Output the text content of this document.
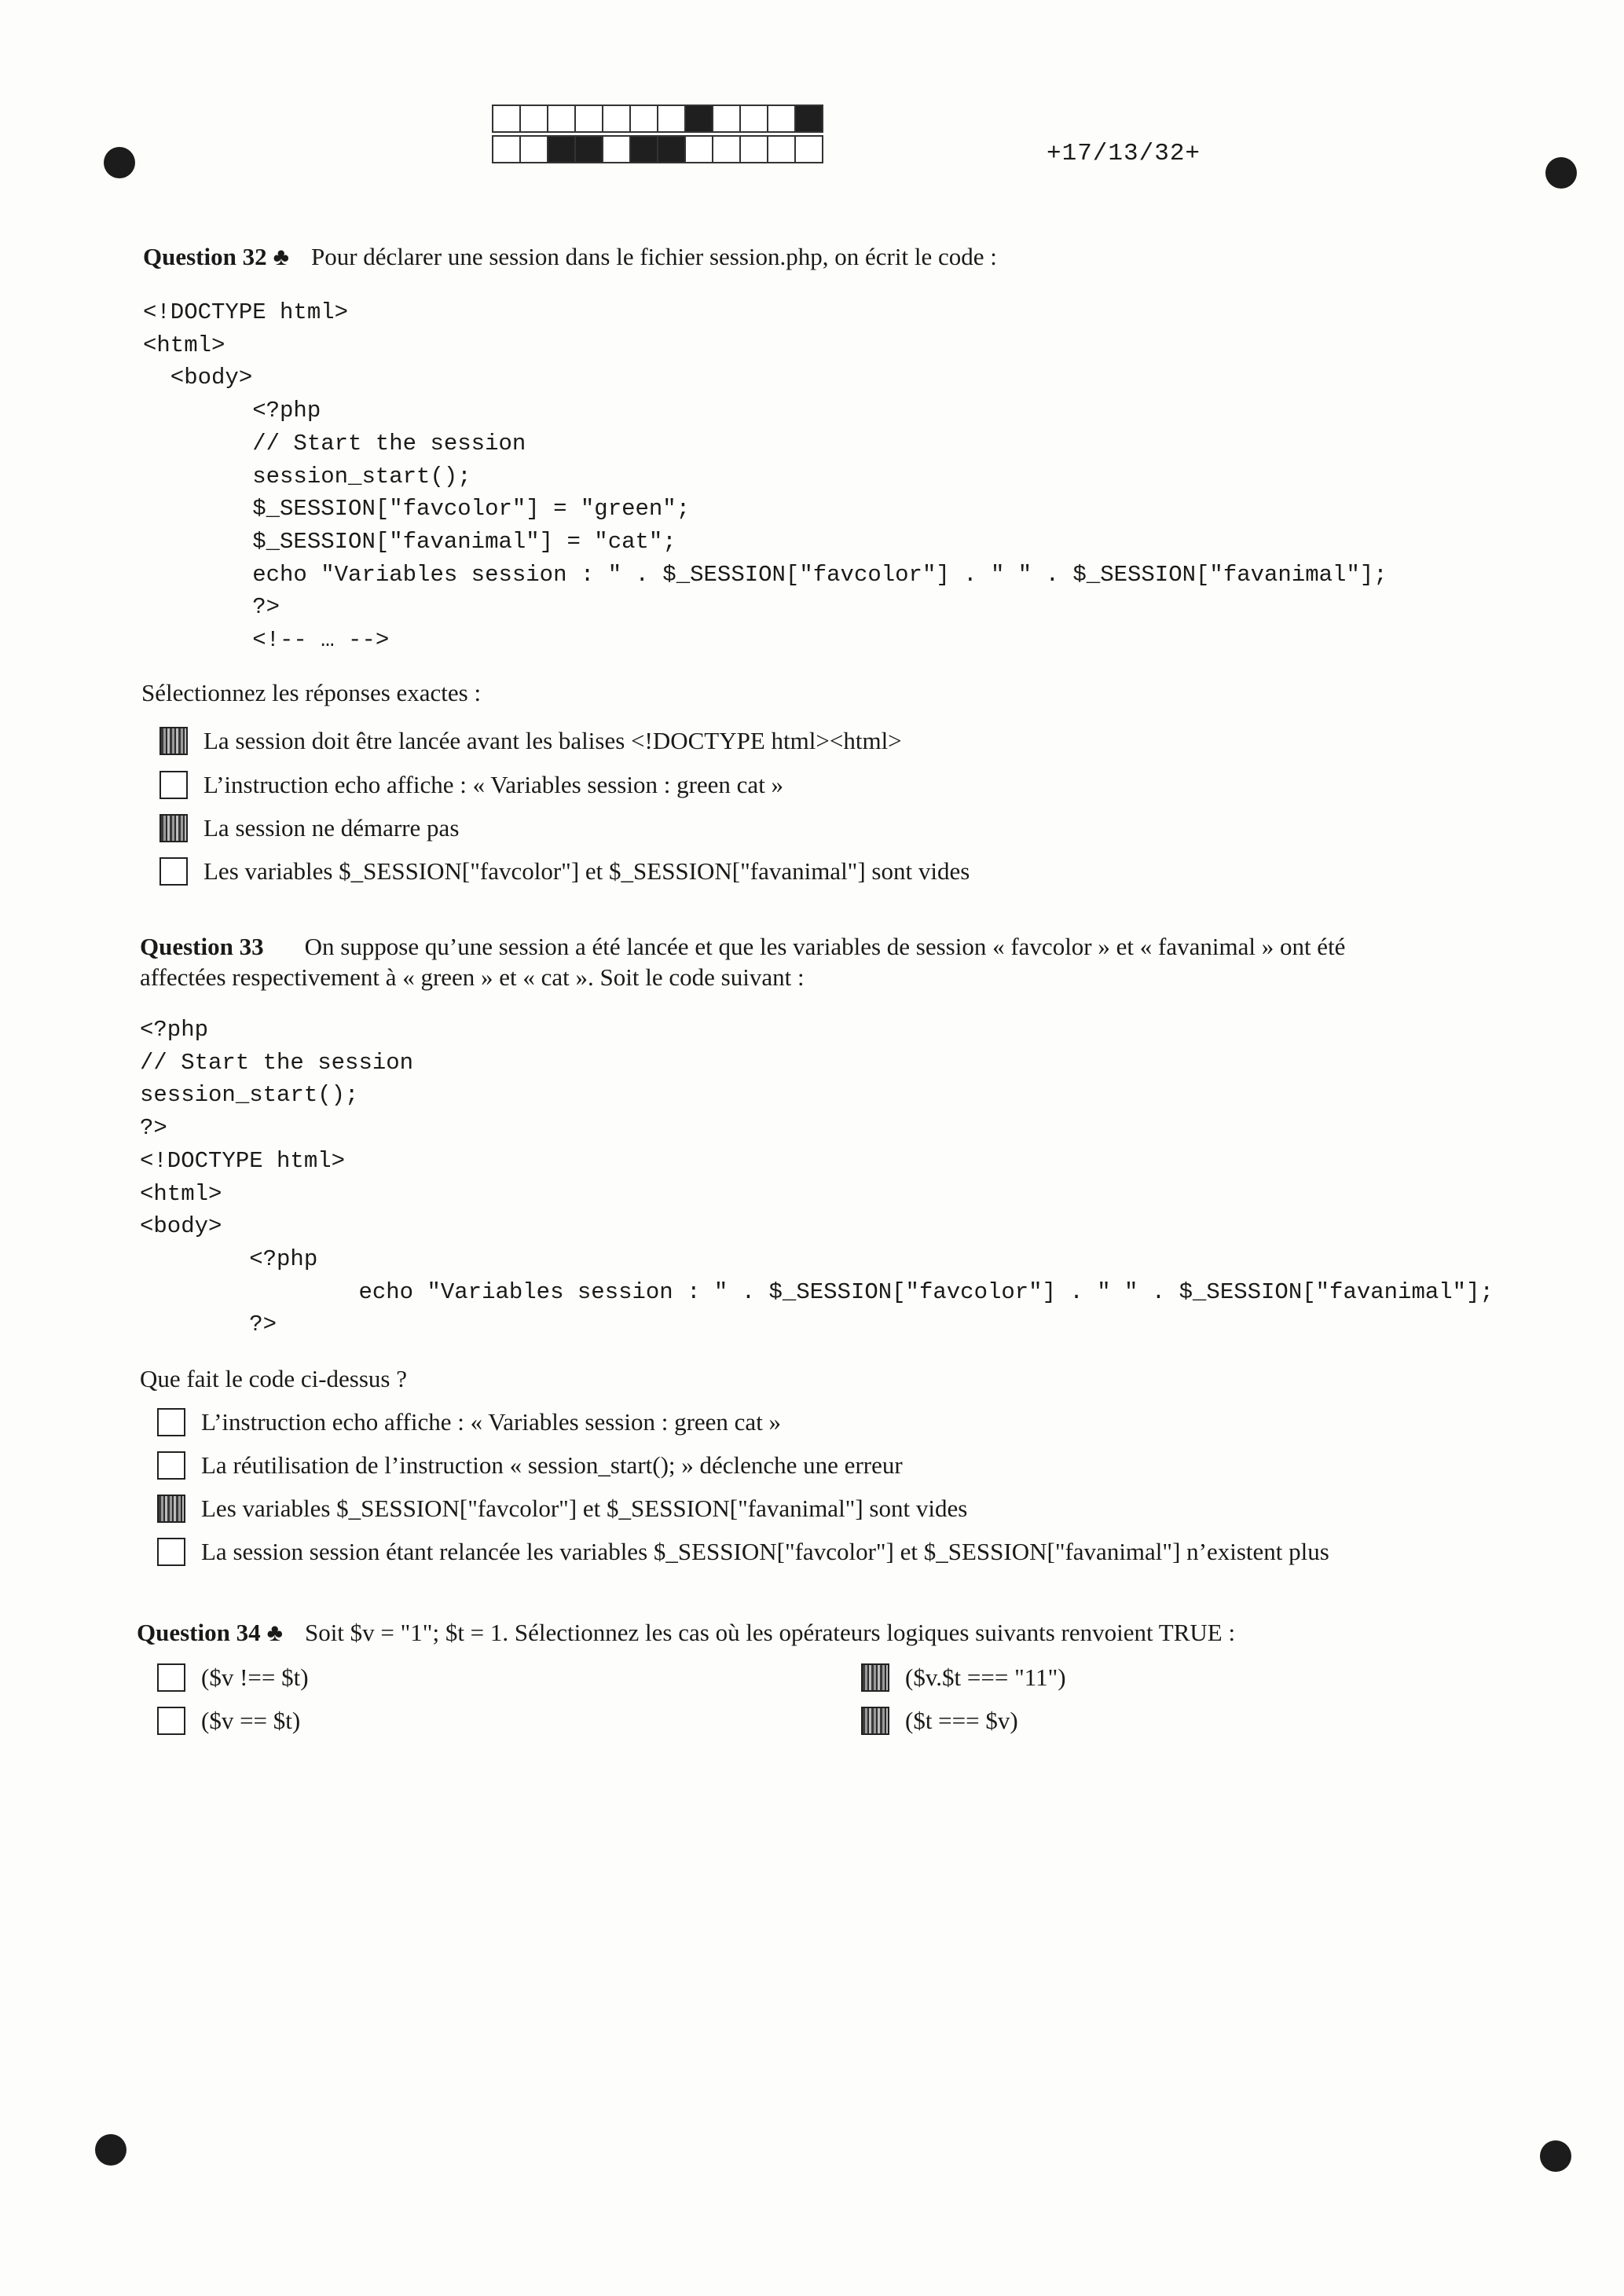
+17/13/32+
Question 32 ♣ Pour déclarer une session dans le fichier session.php, on écrit le code :
<!DOCTYPE html>
<html>
<body>
<?php
// Start the session
session_start();
$_SESSION["favcolor"] = "green";
$_SESSION["favanimal"] = "cat";
echo "Variables session : " . $_SESSION["favcolor"] . " " . $_SESSION["favanimal"];
?>
<!-- … -->
Sélectionnez les réponses exactes :
La session doit être lancée avant les balises <!DOCTYPE html><html>
L’instruction echo affiche : « Variables session : green cat »
La session ne démarre pas
Les variables $_SESSION["favcolor"] et $_SESSION["favanimal"] sont vides
Question 33 On suppose qu’une session a été lancée et que les variables de session « favcolor » et « favanimal » ont été
affectées respectivement à « green » et « cat ». Soit le code suivant :
<?php
// Start the session
session_start();
?>
<!DOCTYPE html>
<html>
<body>
<?php
echo "Variables session : " . $_SESSION["favcolor"] . " " . $_SESSION["favanimal"];
?>
Que fait le code ci-dessus ?
L’instruction echo affiche : « Variables session : green cat »
La réutilisation de l’instruction « session_start(); » déclenche une erreur
Les variables $_SESSION["favcolor"] et $_SESSION["favanimal"] sont vides
La session session étant relancée les variables $_SESSION["favcolor"] et $_SESSION["favanimal"] n’existent plus
Question 34 ♣ Soit $v = "1"; $t = 1. Sélectionnez les cas où les opérateurs logiques suivants renvoient TRUE :
($v !== $t)
($v == $t)
($v.$t === "11")
($t === $v)
